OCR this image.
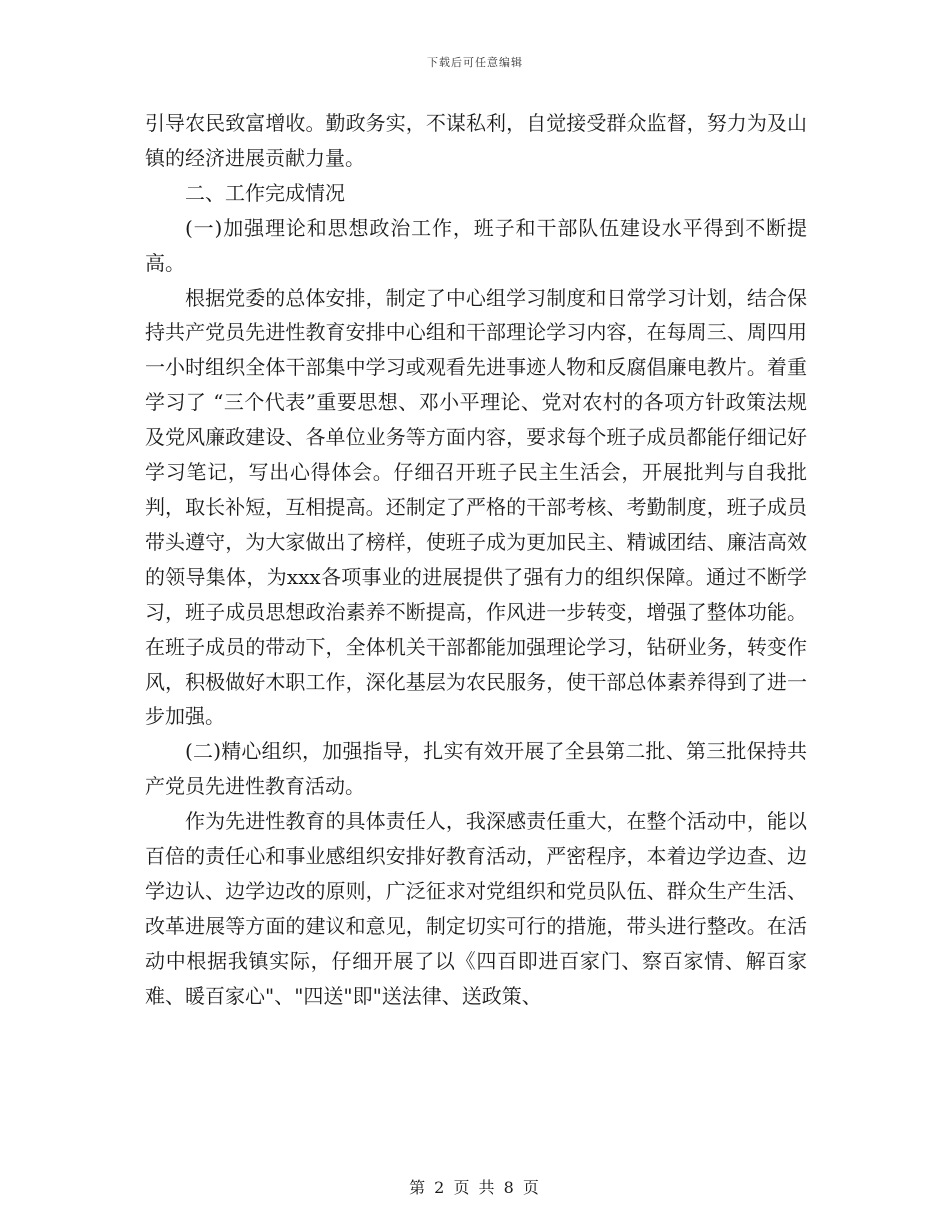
下载后可任意编辑

引导农民致富增收。勤政务实，不谋私利，自觉接受群众监督，努力为及山镇的经济进展贡献力量。

二、工作完成情况

(一)加强理论和思想政治工作，班子和干部队伍建设水平得到不断提高。

根据党委的总体安排，制定了中心组学习制度和日常学习计划，结合保持共产党员先进性教育安排中心组和干部理论学习内容，在每周三、周四用一小时组织全体干部集中学习或观看先进事迹人物和反腐倡廉电教片。着重学习了 “三个代表”重要思想、邓小平理论、党对农村的各项方针政策法规及党风廉政建设、各单位业务等方面内容，要求每个班子成员都能仔细记好学习笔记，写出心得体会。仔细召开班子民主生活会，开展批判与自我批判，取长补短，互相提高。还制定了严格的干部考核、考勤制度，班子成员带头遵守，为大家做出了榜样，使班子成为更加民主、精诚团结、廉洁高效的领导集体，为xxx各项事业的进展提供了强有力的组织保障。通过不断学习，班子成员思想政治素养不断提高，作风进一步转变，增强了整体功能。在班子成员的带动下，全体机关干部都能加强理论学习，钻研业务，转变作风，积极做好木职工作，深化基层为农民服务，使干部总体素养得到了进一步加强。

(二)精心组织，加强指导，扎实有效开展了全县第二批、第三批保持共产党员先进性教育活动。

作为先进性教育的具体责任人，我深感责任重大，在整个活动中，能以百倍的责任心和事业感组织安排好教育活动，严密程序，本着边学边查、边学边认、边学边改的原则，广泛征求对党组织和党员队伍、群众生产生活、改革进展等方面的建议和意见，制定切实可行的措施，带头进行整改。在活动中根据我镇实际，仔细开展了以《四百即进百家门、察百家情、解百家难、暖百家心"、"四送"即"送法律、送政策、

第 2 页 共 8 页
